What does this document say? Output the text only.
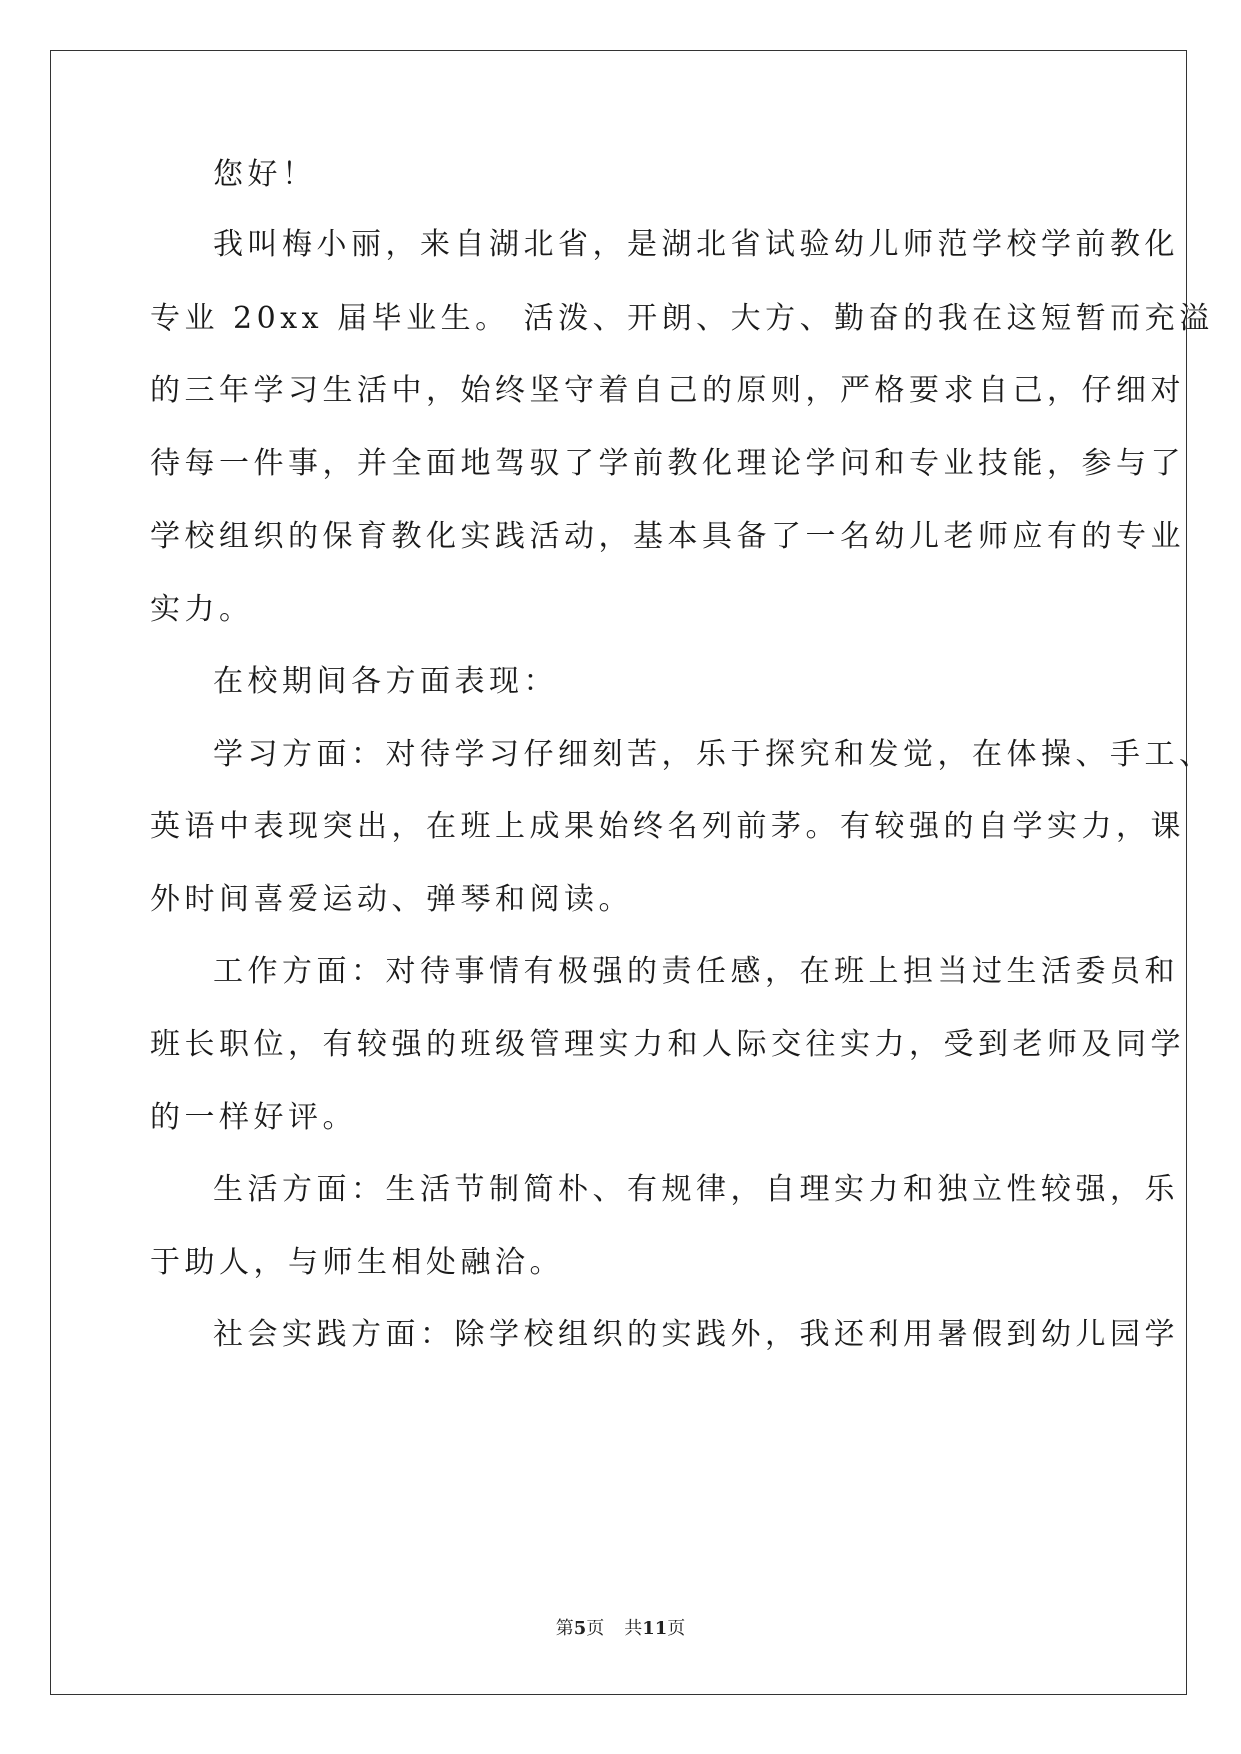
您好！
我叫梅小丽，来自湖北省，是湖北省试验幼儿师范学校学前教化
专业 20xx 届毕业生。 活泼、开朗、大方、勤奋的我在这短暂而充溢
的三年学习生活中，始终坚守着自己的原则，严格要求自己，仔细对
待每一件事，并全面地驾驭了学前教化理论学问和专业技能，参与了
学校组织的保育教化实践活动，基本具备了一名幼儿老师应有的专业
实力。
在校期间各方面表现：
学习方面：对待学习仔细刻苦，乐于探究和发觉，在体操、手工、
英语中表现突出，在班上成果始终名列前茅。有较强的自学实力，课
外时间喜爱运动、弹琴和阅读。
工作方面：对待事情有极强的责任感，在班上担当过生活委员和
班长职位，有较强的班级管理实力和人际交往实力，受到老师及同学
的一样好评。
生活方面：生活节制简朴、有规律，自理实力和独立性较强，乐
于助人，与师生相处融洽。
社会实践方面：除学校组织的实践外，我还利用暑假到幼儿园学
第5页 共11页
